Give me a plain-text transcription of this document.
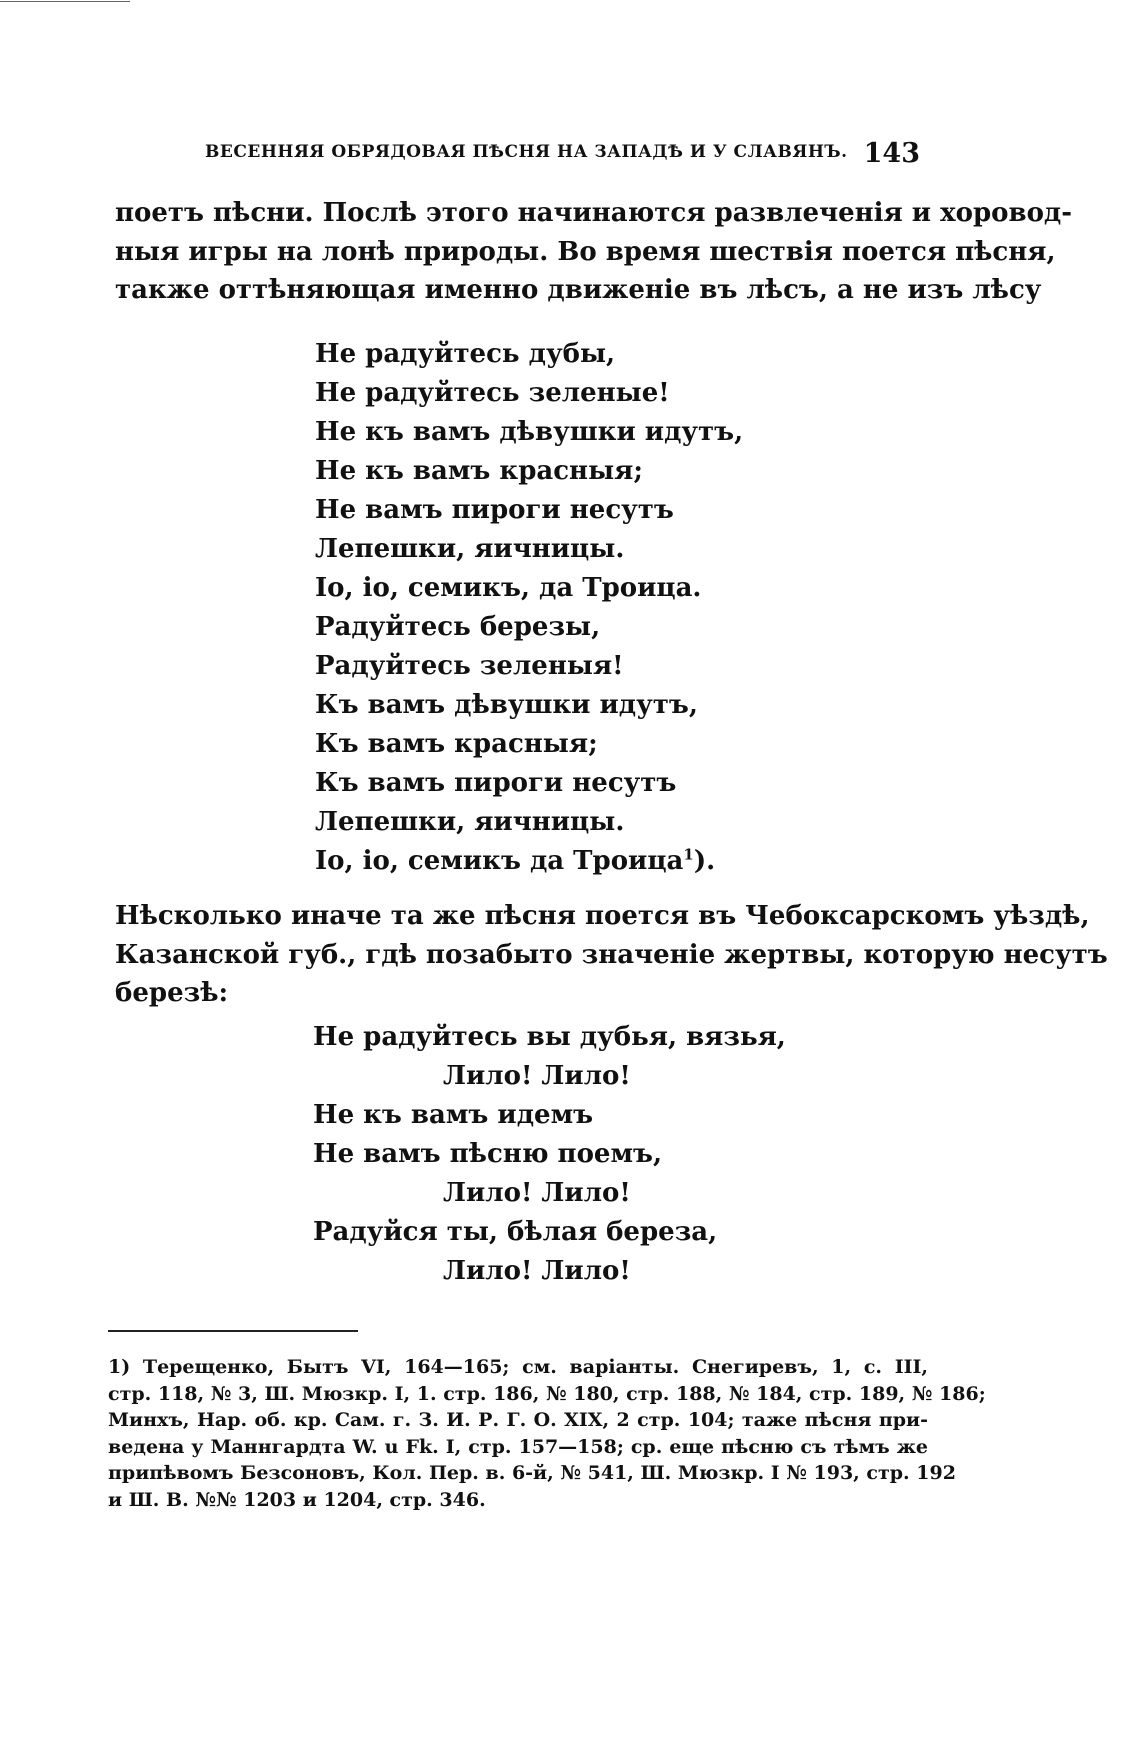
ВЕСЕННЯЯ ОБРЯДОВАЯ ПѢСНЯ НА ЗАПАДѢ И У СЛАВЯНЪ. 143
поетъ пѣсни. Послѣ этого начинаются развлеченія и хоровод-
ныя игры на лонѣ природы. Во время шествія поется пѣсня,
также оттѣняющая именно движеніе въ лѣсъ, а не изъ лѣсу
Не радуйтесь дубы,
Не радуйтесь зеленые!
Не къ вамъ дѣвушки идутъ,
Не къ вамъ красныя;
Не вамъ пироги несутъ
Лепешки, яичницы.
Іо, іо, семикъ, да Троица.
Радуйтесь березы,
Радуйтесь зеленыя!
Къ вамъ дѣвушки идутъ,
Къ вамъ красныя;
Къ вамъ пироги несутъ
Лепешки, яичницы.
Іо, іо, семикъ да Троица$^1$).
Нѣсколько иначе та же пѣсня поется въ Чебоксарскомъ уѣздѣ,
Казанской губ., гдѣ позабыто значеніе жертвы, которую несутъ
березѣ:
Не радуйтесь вы дубья, вязья,
Лило! Лило!
Не къ вамъ идемъ
Не вамъ пѣсню поемъ,
Лило! Лило!
Радуйся ты, бѣлая береза,
Лило! Лило!
1) Терещенко, Бытъ VI, 164—165; см. варіанты. Снегиревъ, 1, с. III,
стр. 118, № 3, Ш. Мюзкр. I, 1. стр. 186, № 180, стр. 188, № 184, стр. 189, № 186;
Минхъ, Нар. об. кр. Сам. г. З. И. Р. Г. О. XIX, 2 стр. 104; таже пѣсня при-
ведена у Маннгардта W. u Fk. I, стр. 157—158; ср. еще пѣсню съ тѣмъ же
припѣвомъ Безсоновъ, Кол. Пер. в. 6-й, № 541, Ш. Мюзкр. I № 193, стр. 192
и Ш. В. №№ 1203 и 1204, стр. 346.
